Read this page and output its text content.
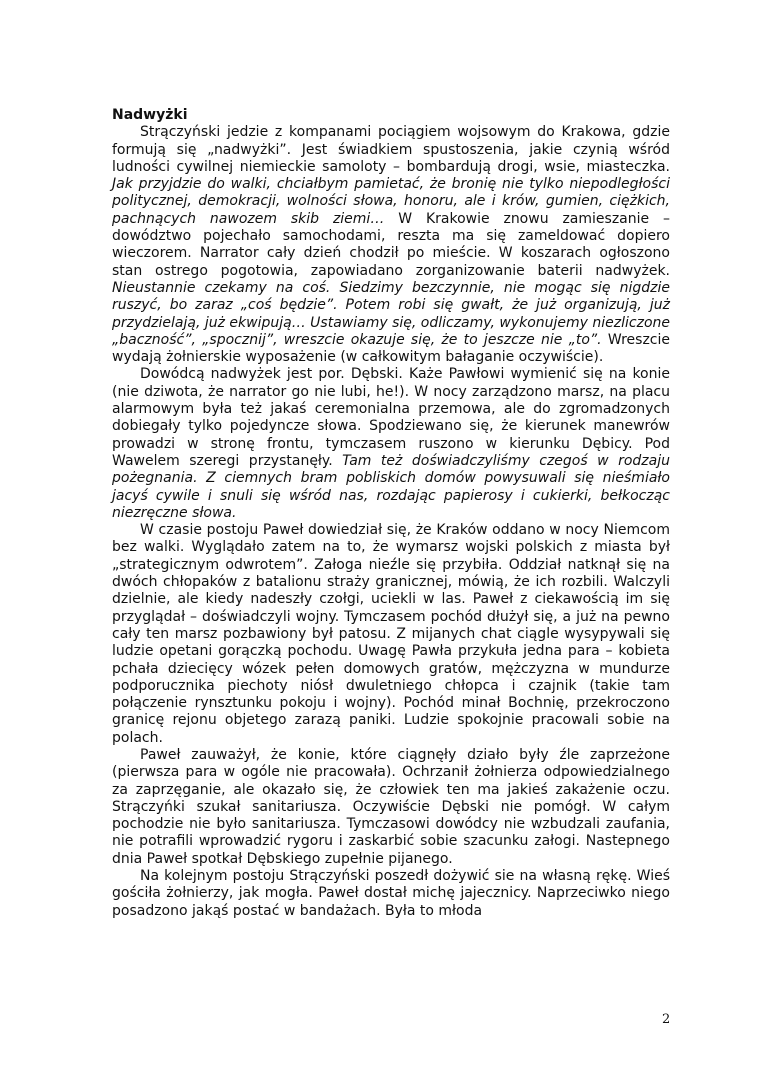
Nadwyżki

Strączyński jedzie z kompanami pociągiem wojsowym do Krakowa, gdzie formują się „nadwyżki”. Jest świadkiem spustoszenia, jakie czynią wśród ludności cywilnej niemieckie samoloty – bombardują drogi, wsie, miasteczka. Jak przyjdzie do walki, chciałbym pamietać, że bronię nie tylko niepodległości politycznej, demokracji, wolności słowa, honoru, ale i krów, gumien, ciężkich, pachnących nawozem skib ziemi… W Krakowie znowu zamieszanie – dowództwo pojechało samochodami, reszta ma się zameldować dopiero wieczorem. Narrator cały dzień chodził po mieście. W koszarach ogłoszono stan ostrego pogotowia, zapowiadano zorganizowanie baterii nadwyżek. Nieustannie czekamy na coś. Siedzimy bezczynnie, nie mogąc się nigdzie ruszyć, bo zaraz „coś będzie”. Potem robi się gwałt, że już organizują, już przydzielają, już ekwipują… Ustawiamy się, odliczamy, wykonujemy niezliczone „baczność”, „spocznij”, wreszcie okazuje się, że to jeszcze nie „to”. Wreszcie wydają żołnierskie wyposażenie (w całkowitym bałaganie oczywiście).

Dowódcą nadwyżek jest por. Dębski. Każe Pawłowi wymienić się na konie (nie dziwota, że narrator go nie lubi, he!). W nocy zarządzono marsz, na placu alarmowym była też jakaś ceremonialna przemowa, ale do zgromadzonych dobiegały tylko pojedyncze słowa. Spodziewano się, że kierunek manewrów prowadzi w stronę frontu, tymczasem ruszono w kierunku Dębicy. Pod Wawelem szeregi przystanęły. Tam też doświadczyliśmy czegoś w rodzaju pożegnania. Z ciemnych bram pobliskich domów powysuwali się nieśmiało jacyś cywile i snuli się wśród nas, rozdając papierosy i cukierki, bełkocząc niezręczne słowa.

W czasie postoju Paweł dowiedział się, że Kraków oddano w nocy Niemcom bez walki. Wyglądało zatem na to, że wymarsz wojski polskich z miasta był „strategicznym odwrotem”. Załoga nieźle się przybiła. Oddział natknął się na dwóch chłopaków z batalionu straży granicznej, mówią, że ich rozbili. Walczyli dzielnie, ale kiedy nadeszły czołgi, uciekli w las. Paweł z ciekawością im się przyglądał – doświadczyli wojny. Tymczasem pochód dłużył się, a już na pewno cały ten marsz pozbawiony był patosu. Z mijanych chat ciągle wysypywali się ludzie opetani gorączką pochodu. Uwagę Pawła przykuła jedna para – kobieta pchała dziecięcy wózek pełen domowych gratów, mężczyzna w mundurze podporucznika piechoty niósł dwuletniego chłopca i czajnik (takie tam połączenie rynsztunku pokoju i wojny). Pochód minał Bochnię, przekroczono granicę rejonu objetego zarazą paniki. Ludzie spokojnie pracowali sobie na polach.

Paweł zauważył, że konie, które ciągnęły działo były źle zaprzeżone (pierwsza para w ogóle nie pracowała). Ochrzanił żołnierza odpowiedzialnego za zaprzęganie, ale okazało się, że człowiek ten ma jakieś zakażenie oczu. Strączyńki szukał sanitariusza. Oczywiście Dębski nie pomógł. W całym pochodzie nie było sanitariusza. Tymczasowi dowódcy nie wzbudzali zaufania, nie potrafili wprowadzić rygoru i zaskarbić sobie szacunku załogi. Nastepnego dnia Paweł spotkał Dębskiego zupełnie pijanego.

Na kolejnym postoju Strączyński poszedł dożywić sie na własną rękę. Wieś gościła żołnierzy, jak mogła. Paweł dostał michę jajecznicy. Naprzeciwko niego posadzono jakąś postać w bandażach. Była to młoda

2
